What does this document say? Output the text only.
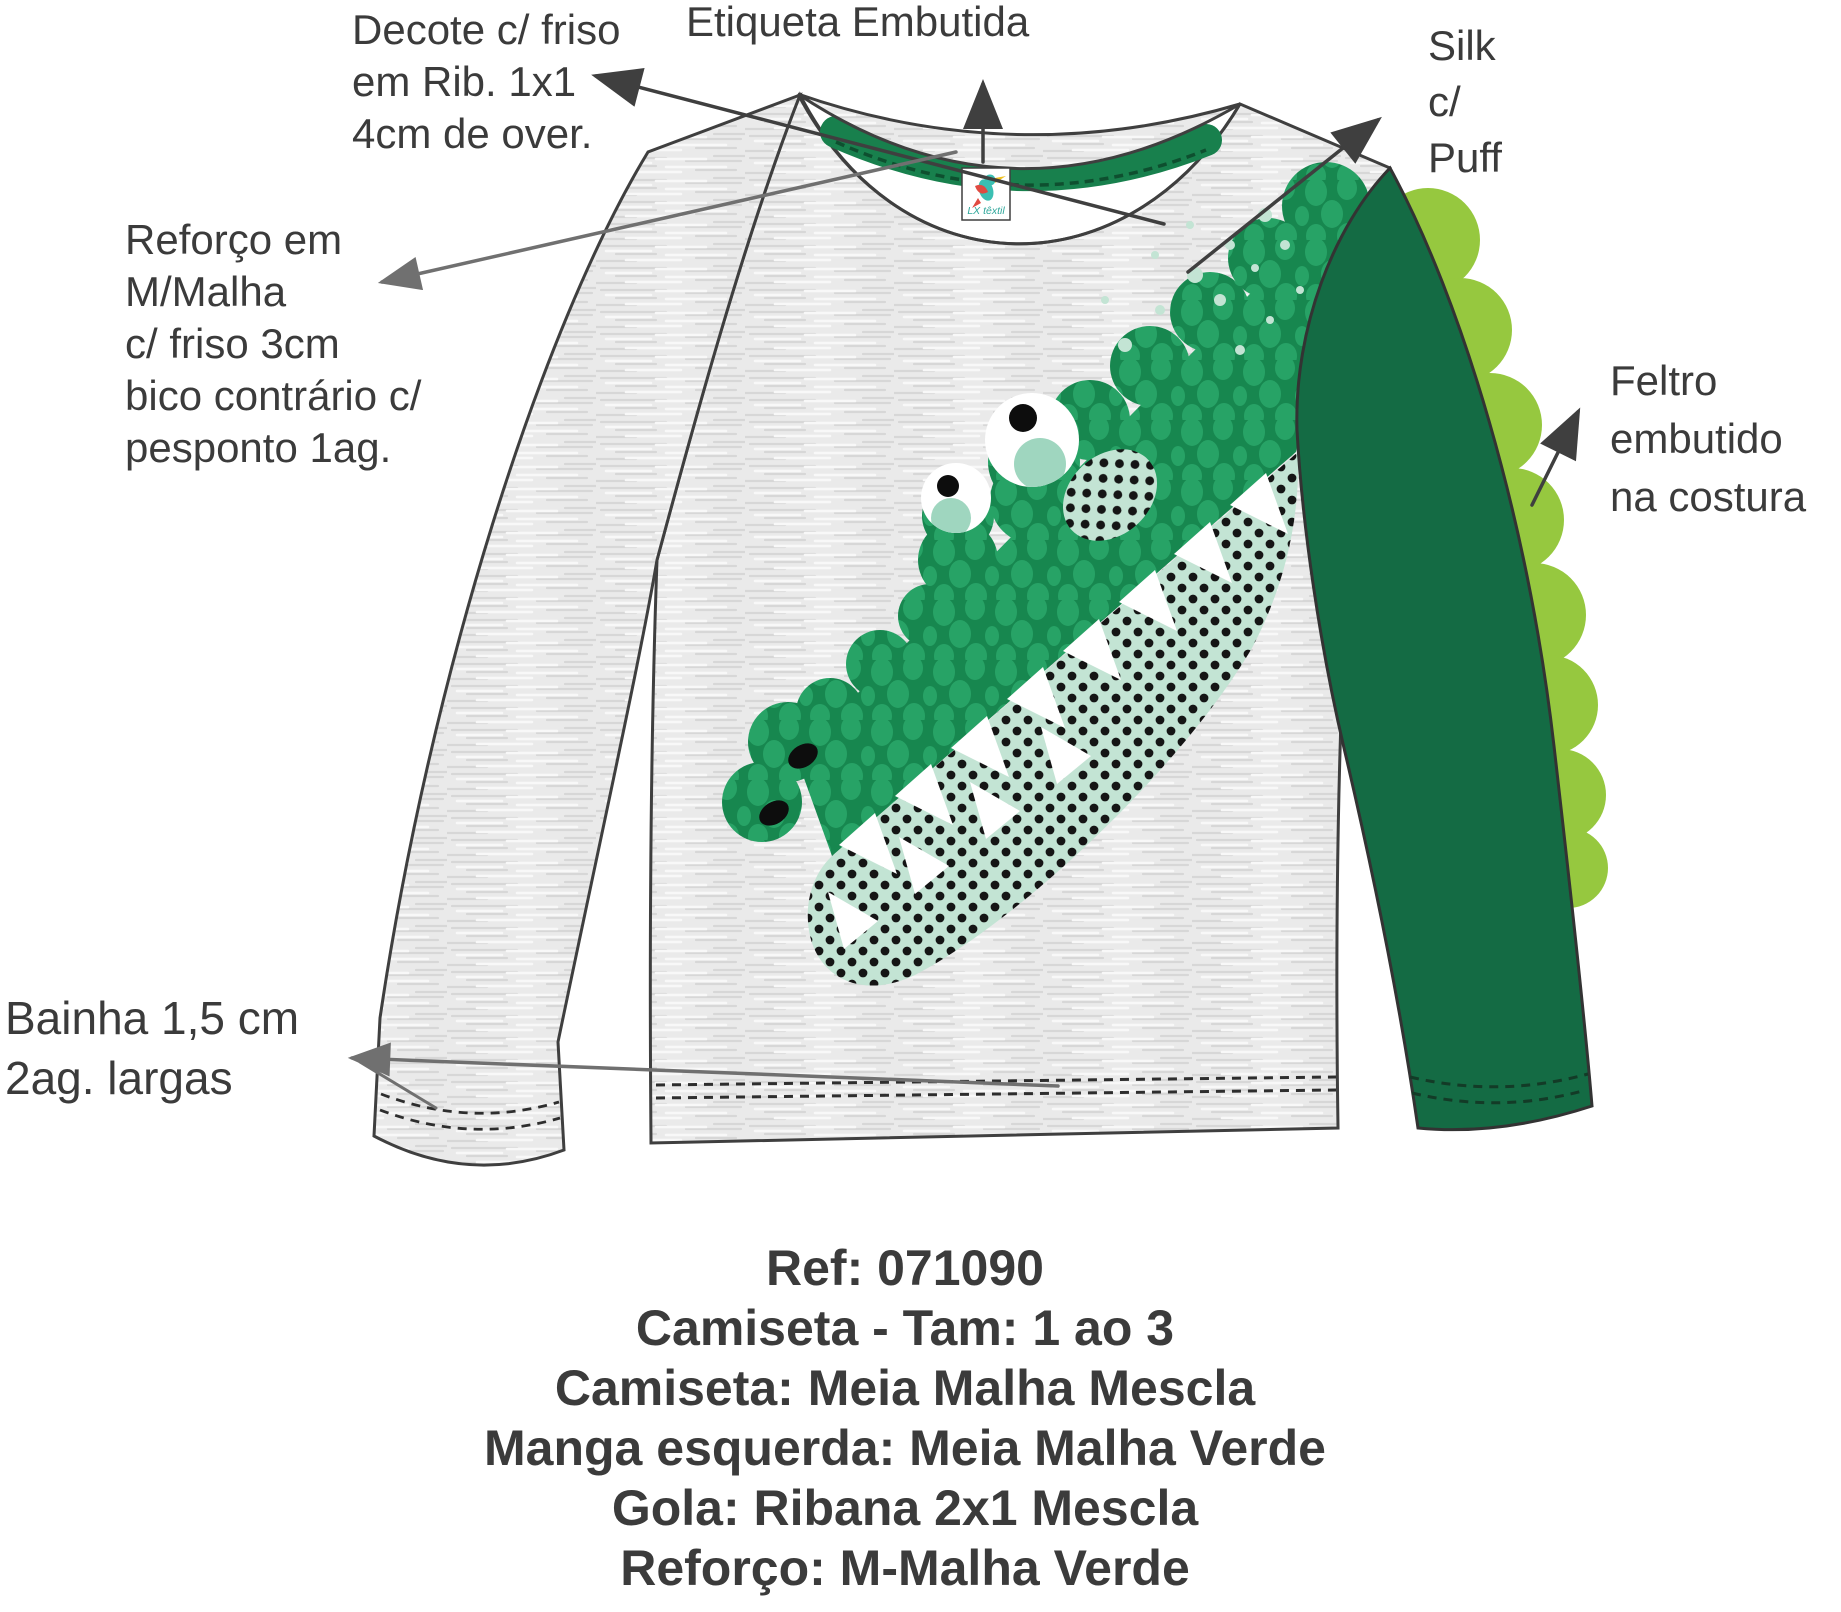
LX têxtil
Decote c/ friso
em Rib. 1x1
4cm de over.
Etiqueta Embutida
Silk
c/
Puff
Reforço em
M/Malha
c/ friso 3cm
bico contrário c/
pesponto 1ag.
Feltro
embutido
na costura
Bainha 1,5 cm
2ag. largas
Ref: 071090
Camiseta - Tam: 1 ao 3
Camiseta: Meia Malha Mescla
Manga esquerda: Meia Malha Verde
Gola: Ribana 2x1 Mescla
Reforço: M-Malha Verde
